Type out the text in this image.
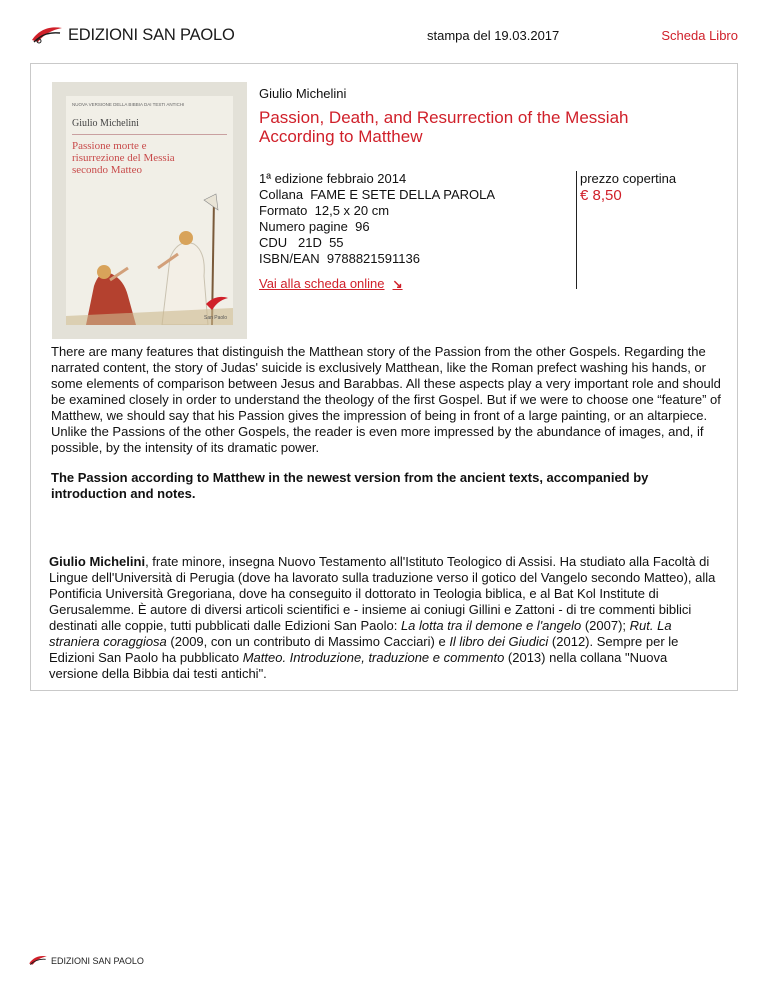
EDIZIONI SAN PAOLO	stampa del 19.03.2017	Scheda Libro
NUOVA VERSIONE DELLA BIBBIA DAI TESTI ANTICHI
Giulio Michelini
Passione morte e risurrezione del Messia secondo Matteo
San Paolo
Giulio Michelini
Passion, Death, and Resurrection of the Messiah According to Matthew
1ª edizione febbraio 2014
Collana  FAME E SETE DELLA PAROLA
Formato  12,5 x 20 cm
Numero pagine  96
CDU   21D  55
ISBN/EAN  9788821591136
prezzo copertina
€ 8,50
Vai alla scheda online ↘
There are many features that distinguish the Matthean story of the Passion from the other Gospels. Regarding the narrated content, the story of Judas' suicide is exclusively Matthean, like the Roman prefect washing his hands, or some elements of comparison between Jesus and Barabbas. All these aspects play a very important role and should be examined closely in order to understand the theology of the first Gospel. But if we were to choose one “feature” of Matthew, we should say that his Passion gives the impression of being in front of a large painting, or an altarpiece. Unlike the Passions of the other Gospels, the reader is even more impressed by the abundance of images, and, if possible, by the intensity of its dramatic power.
The Passion according to Matthew in the newest version from the ancient texts, accompanied by introduction and notes.
Giulio Michelini, frate minore, insegna Nuovo Testamento all'Istituto Teologico di Assisi. Ha studiato alla Facoltà di Lingue dell'Università di Perugia (dove ha lavorato sulla traduzione verso il gotico del Vangelo secondo Matteo), alla Pontificia Università Gregoriana, dove ha conseguito il dottorato in Teologia biblica, e al Bat Kol Institute di Gerusalemme. È autore di diversi articoli scientifici e - insieme ai coniugi Gillini e Zattoni - di tre commenti biblici destinati alle coppie, tutti pubblicati dalle Edizioni San Paolo: La lotta tra il demone e l'angelo (2007); Rut. La straniera coraggiosa (2009, con un contributo di Massimo Cacciari) e Il libro dei Giudici (2012). Sempre per le Edizioni San Paolo ha pubblicato Matteo. Introduzione, traduzione e commento (2013) nella collana "Nuova versione della Bibbia dai testi antichi".
EDIZIONI SAN PAOLO
